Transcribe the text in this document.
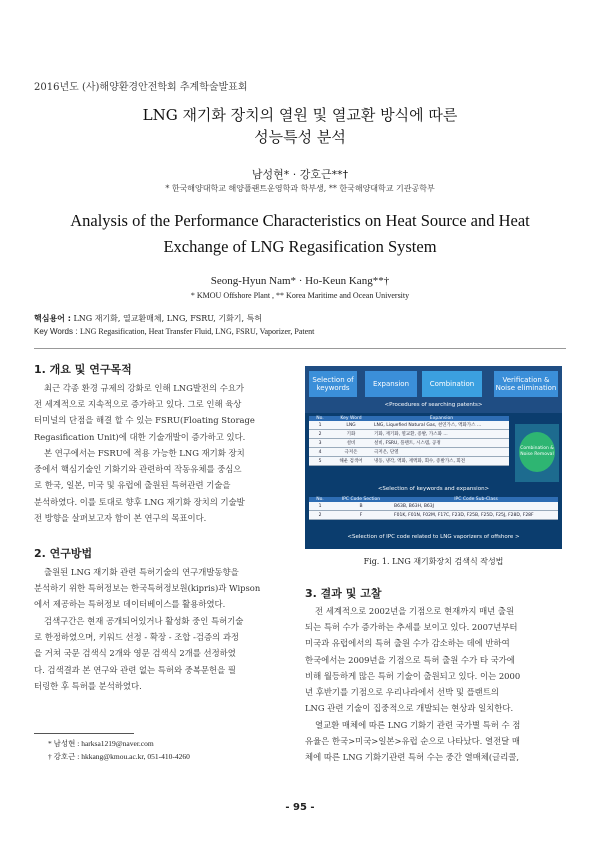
2016년도 (사)해양환경안전학회 추계학술발표회
LNG 재기화 장치의 열원 및 열교환 방식에 따른
성능특성 분석
남성현* · 강호근**†
* 한국해양대학교 해양플랜트운영학과 학부생, ** 한국해양대학교 기관공학부
Analysis of the Performance Characteristics on Heat Source and Heat
Exchange of LNG Regasification System
Seong-Hyun Nam* · Ho-Keun Kang**†
* KMOU Offshore Plant , ** Korea Maritime and Ocean University
핵심용어 : LNG 재기화, 열교환매체, LNG, FSRU, 기화기, 특허
Key Words : LNG Regasification, Heat Transfer Fluid, LNG, FSRU, Vaporizer, Patent
1. 개요 및 연구목적
최근 각종 환경 규제의 강화로 인해 LNG발전의 수요가
전 세계적으로 지속적으로 증가하고 있다. 그로 인해 육상
터미널의 단점을 해결 할 수 있는 FSRU(Floating Storage
Regasification Unit)에 대한 기술개발이 증가하고 있다.
본 연구에서는 FSRU에 적용 가능한 LNG 재기화 장치
중에서 핵심기술인 기화기와 관련하여 작동유체를 중심으
로 한국, 일본, 미국 및 유럽에 출원된 특허관련 기술을
분석하였다. 이를 토대로 향후 LNG 재기화 장치의 기술발
전 방향을 살펴보고자 함이 본 연구의 목표이다.
2. 연구방법
출원된 LNG 재기화 관련 특허기술의 연구개발동향을
분석하기 위한 특허정보는 한국특허정보원(kipris)과 Wipson
에서 제공하는 특허정보 데이터베이스를 활용하였다.
검색구간은 현재 공개되어있거나 활성화 중인 특허기술
로 한정하였으며, 키워드 선정 - 확장 - 조합 -검증의 과정
을 거쳐 국문 검색식 2개와 영문 검색식 2개를 선정하였
다. 검색결과 본 연구와 관련 없는 특허와 중복문헌을 필
터링한 후 특허를 분석하였다.
Selection of keywords	Expansion	Combination	Verification & Noise elimination
<Procedures of searching patents>
No.	Key Word	Expansion
1	LNG	LNG, Liquefied Natural Gas, 천연가스, 액화가스 ...
2	기화	기화, 재기화, 열교환, 증발, 가스화 ...
3	설비	설비, FSRU, 플랜트, 시스템, 공정
4	극저온	극저온, 단열
5	해운 검색어	냉동, 냉각, 액화, 재액화, 회수, 증발가스, 회전
Combination & Noise Removal
<Selection of keywords and expansion>
No.	IPC Code Section	IPC Code Sub-Class
1	B	B63B, B63H, B63J
2	F	F01K, F01N, F02M, F17C, F23D, F25B, F25D, F25J, F28D, F28F
<Selection of IPC code related to LNG vaporizers of offshore >
Fig. 1. LNG 재기화장치 검색식 작성법
3. 결과 및 고찰
전 세계적으로 2002년을 기점으로 현재까지 매년 출원
되는 특허 수가 증가하는 추세를 보이고 있다. 2007년부터
미국과 유럽에서의 특허 출원 수가 감소하는 데에 반하여
한국에서는 2009년을 기점으로 특허 출원 수가 타 국가에
비해 월등하게 많은 특허 기술이 출원되고 있다. 이는 2000
년 후반기를 기점으로 우리나라에서 선박 및 플랜트의
LNG 관련 기술이 집중적으로 개발되는 현상과 일치한다.
열교환 매체에 따른 LNG 기화기 관련 국가별 특허 수 점
유율은 한국>미국>일본>유럽 순으로 나타났다. 열전달 매
체에 따른 LNG 기화기관련 특허 수는 중간 열매체(글리콜,
* 남성현 : harksa1219@naver.com
† 강호근 : hkkang@kmou.ac.kr, 051-410-4260
- 95 -
